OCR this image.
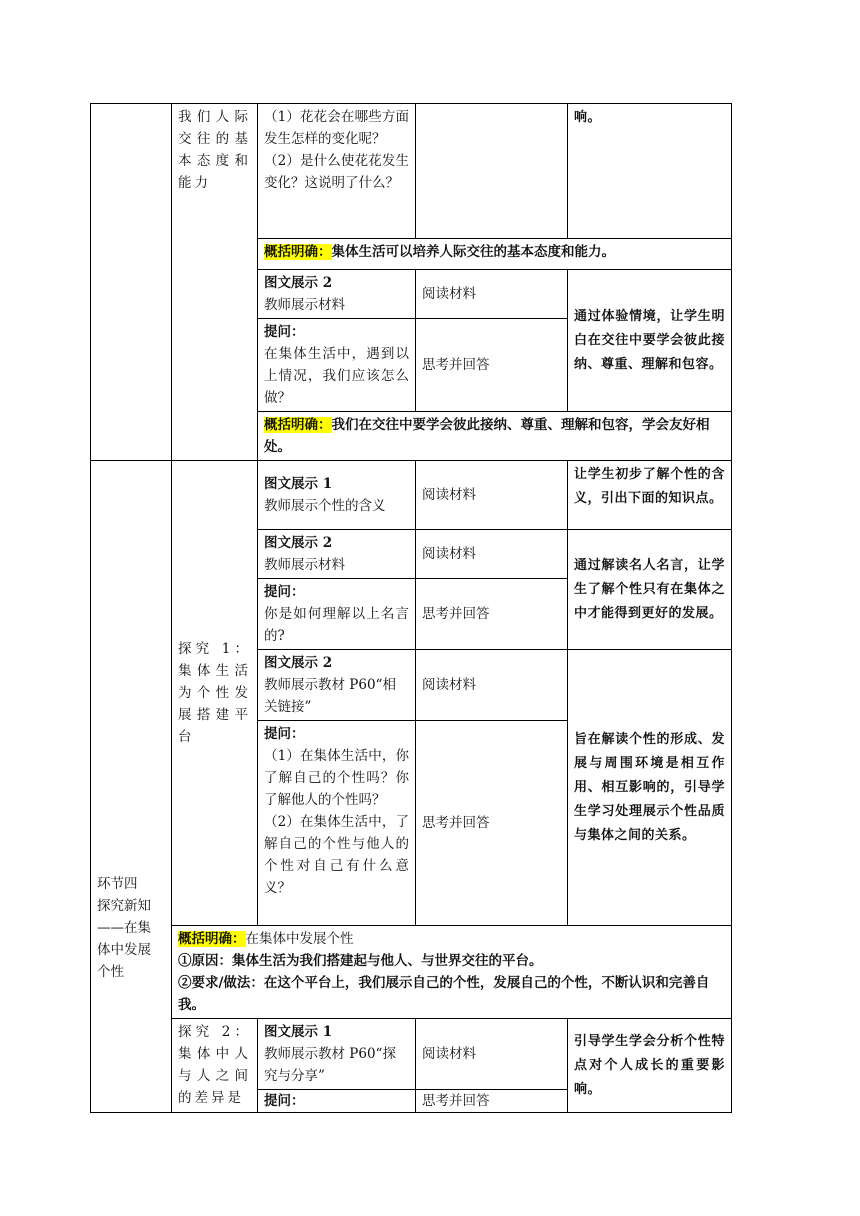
	我们人际交往的基本态度和能力	（1）花花会在哪些方面发生怎样的变化呢？
（2）是什么使花花发生变化？这说明了什么？		响。
		概括明确：集体生活可以培养人际交往的基本态度和能力。		

		图文展示 2
教师展示材料	阅读材料	通过体验情境，让学生明白在交往中要学会彼此接纳、尊重、理解和包容。

		提问：
在集体生活中，遇到以上情况，我们应该怎么做？	思考并回答	
		概括明确：我们在交往中要学会彼此接纳、尊重、理解和包容，学会友好相处。		

环节四
探究新知
——在集
体中发展
个性	探究 1：集体生活为个性发展搭建平台	图文展示 1
教师展示个性的含义	阅读材料	让学生初步了解个性的含义，引出下面的知识点。

		图文展示 2
教师展示材料	阅读材料	通过解读名人名言，让学生了解个性只有在集体之中才能得到更好的发展。

		提问：
你是如何理解以上名言的?	思考并回答	

		图文展示 2
教师展示教材 P60“相关链接”	阅读材料	旨在解读个性的形成、发展与周围环境是相互作用、相互影响的，引导学生学习处理展示个性品质与集体之间的关系。

		提问：
（1）在集体生活中，你了解自己的个性吗？你了解他人的个性吗？
（2）在集体生活中，了解自己的个性与他人的个性对自己有什么意义？	思考并回答	

	概括明确：在集体中发展个性
①原因：集体生活为我们搭建起与他人、与世界交往的平台。
②要求/做法：在这个平台上，我们展示自己的个性，发展自己的个性，不断认识和完善自我。			

	探究 2：集体中人与人之间的差异是	图文展示 1
教师展示教材 P60“探究与分享”	阅读材料	引导学生学会分析个性特点对个人成长的重要影响。
		提问：	思考并回答	
